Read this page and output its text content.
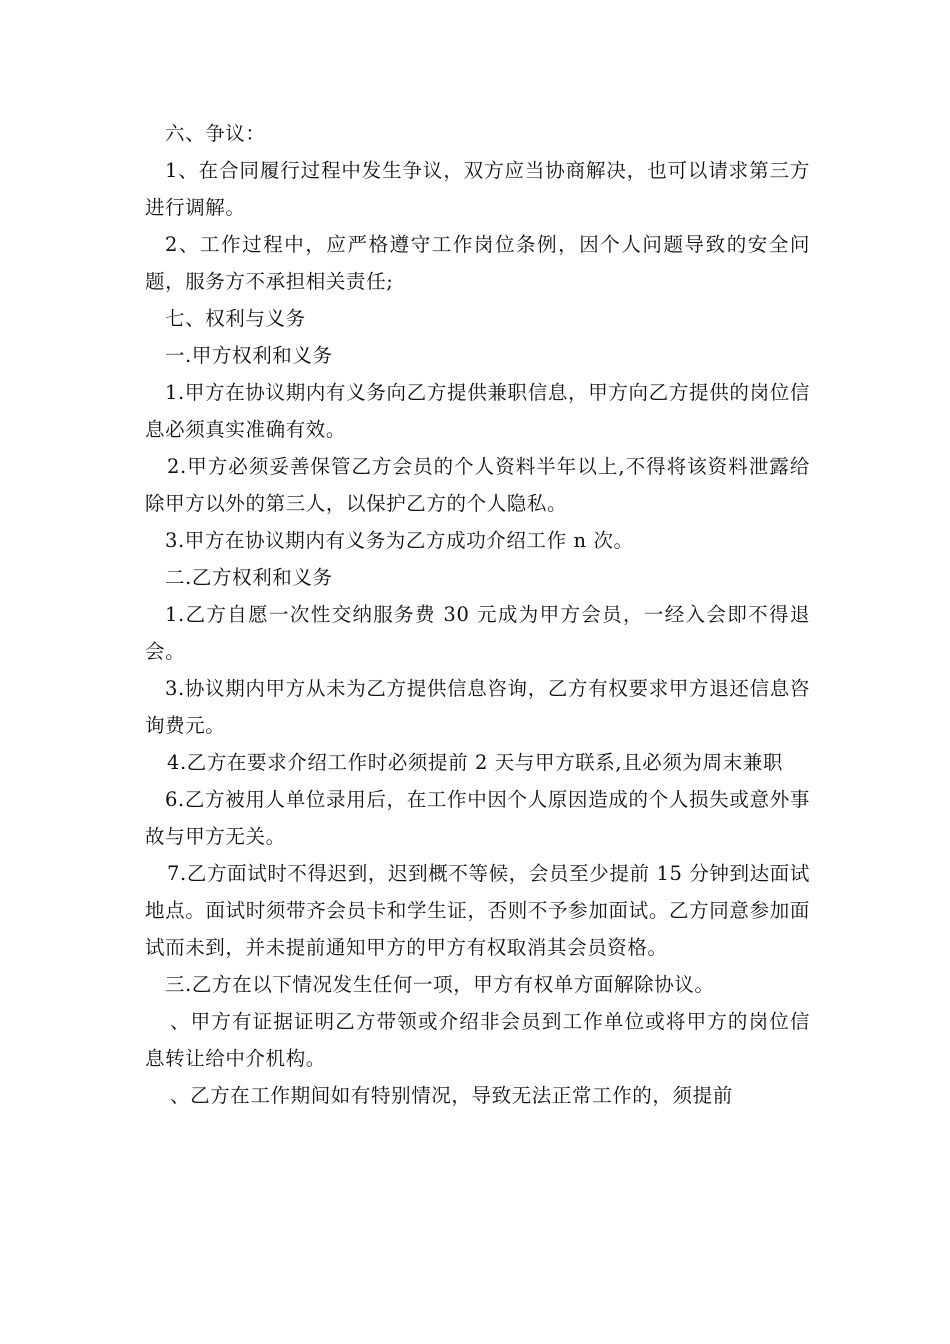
六、争议：

1、在合同履行过程中发生争议，双方应当协商解决，也可以请求第三方进行调解。

2、工作过程中，应严格遵守工作岗位条例，因个人问题导致的安全问题，服务方不承担相关责任;

七、权利与义务

一.甲方权利和义务

1.甲方在协议期内有义务向乙方提供兼职信息，甲方向乙方提供的岗位信息必须真实准确有效。

2.甲方必须妥善保管乙方会员的个人资料半年以上,不得将该资料泄露给除甲方以外的第三人，以保护乙方的个人隐私。

3.甲方在协议期内有义务为乙方成功介绍工作 n 次。

二.乙方权利和义务

1.乙方自愿一次性交纳服务费 30 元成为甲方会员，一经入会即不得退会。

3.协议期内甲方从未为乙方提供信息咨询，乙方有权要求甲方退还信息咨询费元。

4.乙方在要求介绍工作时必须提前 2 天与甲方联系,且必须为周末兼职

6.乙方被用人单位录用后，在工作中因个人原因造成的个人损失或意外事故与甲方无关。

7.乙方面试时不得迟到，迟到概不等候，会员至少提前 15 分钟到达面试地点。面试时须带齐会员卡和学生证，否则不予参加面试。乙方同意参加面试而未到，并未提前通知甲方的甲方有权取消其会员资格。

三.乙方在以下情况发生任何一项，甲方有权单方面解除协议。

、甲方有证据证明乙方带领或介绍非会员到工作单位或将甲方的岗位信息转让给中介机构。

、乙方在工作期间如有特别情况，导致无法正常工作的，须提前
